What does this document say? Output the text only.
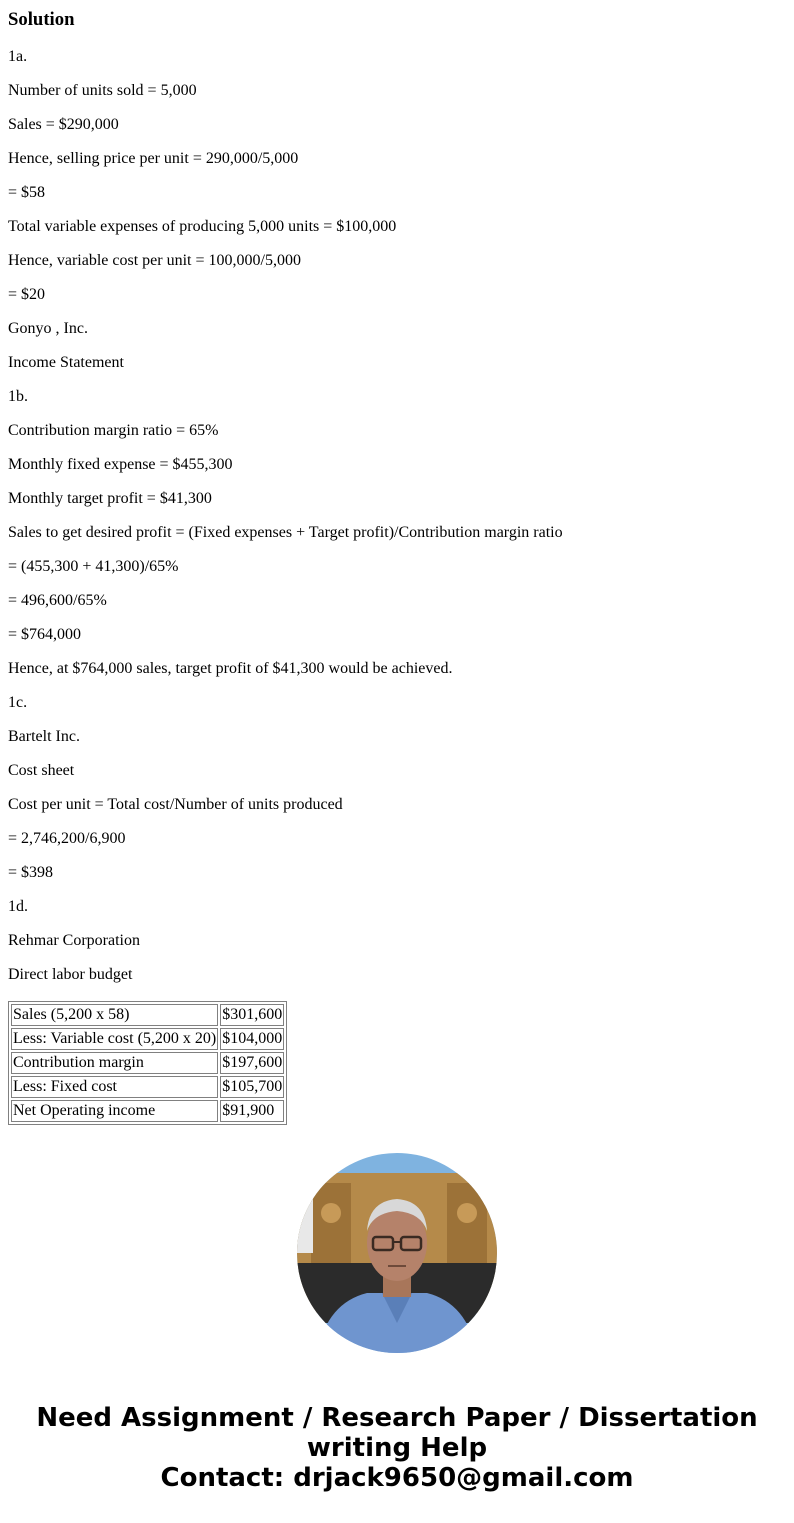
Solution

1a.

Number of units sold = 5,000

Sales = $290,000

Hence, selling price per unit = 290,000/5,000

= $58

Total variable expenses of producing 5,000 units = $100,000

Hence, variable cost per unit = 100,000/5,000

= $20

Gonyo , Inc.

Income Statement

1b.

Contribution margin ratio = 65%

Monthly fixed expense = $455,300

Monthly target profit = $41,300

Sales to get desired profit = (Fixed expenses + Target profit)/Contribution margin ratio

= (455,300 + 41,300)/65%

= 496,600/65%

= $764,000

Hence, at $764,000 sales, target profit of $41,300 would be achieved.

1c.

Bartelt Inc.

Cost sheet

Cost per unit = Total cost/Number of units produced

= 2,746,200/6,900

= $398

1d.

Rehmar Corporation

Direct labor budget

Sales (5,200 x 58)	$301,600
Less: Variable cost (5,200 x 20)	$104,000
Contribution margin	$197,600
Less: Fixed cost	$105,700
Net Operating income	$91,900
Need Assignment / Research Paper / Dissertation
writing Help
Contact: drjack9650@gmail.com
